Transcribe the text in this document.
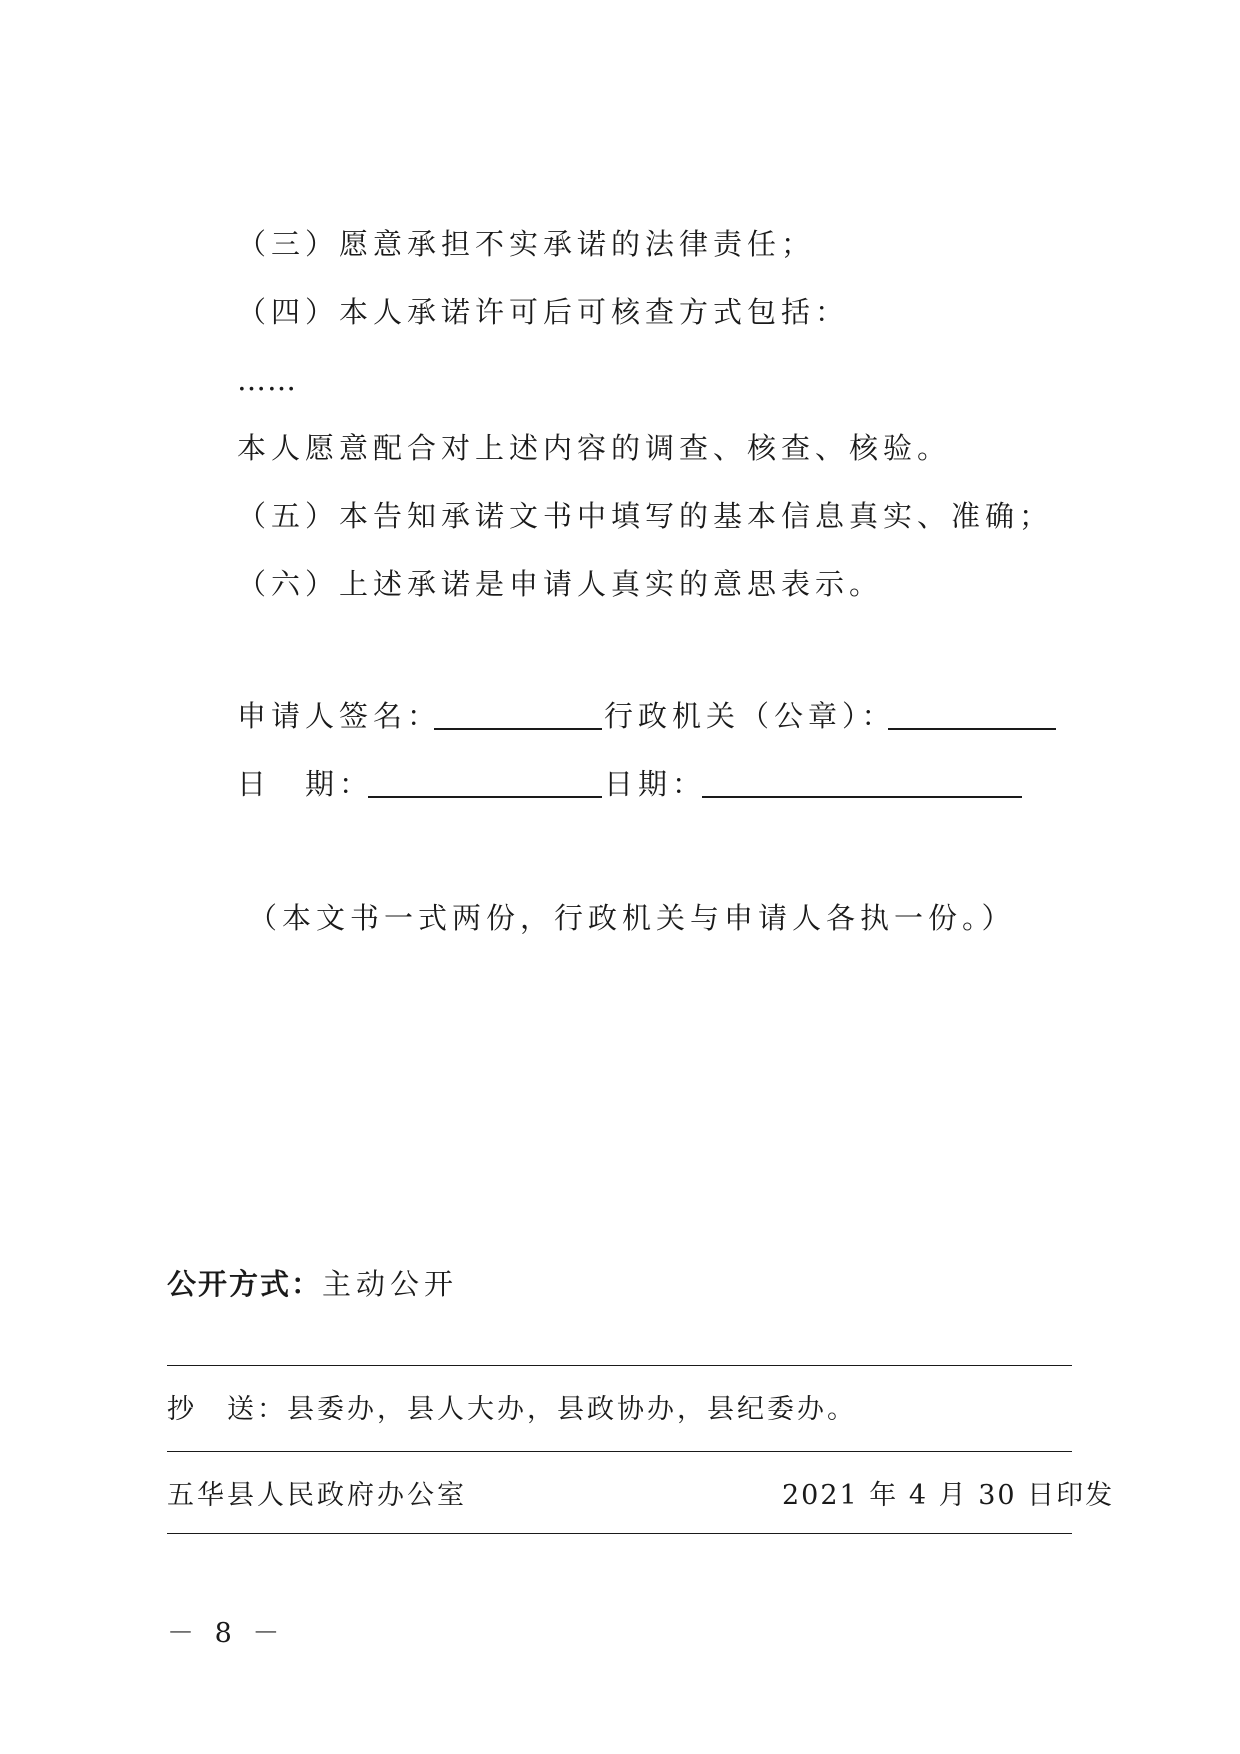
（三）愿意承担不实承诺的法律责任；
（四）本人承诺许可后可核查方式包括：
……
本人愿意配合对上述内容的调查、核查、核验。
（五）本告知承诺文书中填写的基本信息真实、准确；
（六）上述承诺是申请人真实的意思表示。
申请人签名：	行政机关（公章）：
日　期：	日期：
（本文书一式两份，行政机关与申请人各执一份。）
公开方式：主动公开
抄　送：县委办，县人大办，县政协办，县纪委办。
五华县人民政府办公室	2021 年 4 月 30 日印发
－ 8 －
